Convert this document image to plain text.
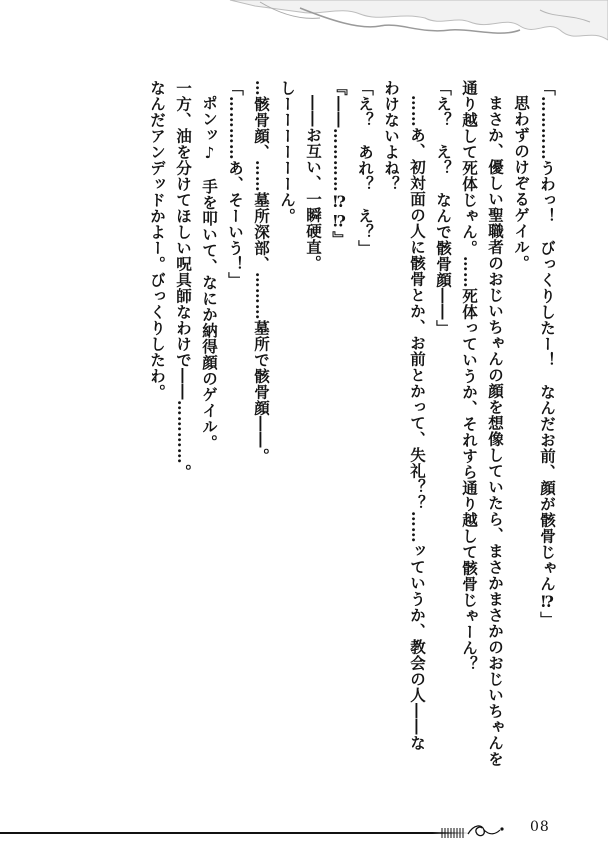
「…………うわっ！　びっくりしたー！　なんだお前、顔が骸骨じゃん⁉」
思わずのけぞるゲイル。
まさか、優しい聖職者のおじいちゃんの顔を想像していたら、まさかまさかのおじいちゃんを
通り越して死体じゃん。……死体っていうか、それすら通り越して骸骨じゃーん？
「え？　え？　なんで骸骨顔――」
……あ、初対面の人に骸骨とか、お前とかって、失礼？？……ッていうか、教会の人――な
わけないよね？
「え？　あれ？　え？」
『――…………⁉⁉』
――お互い、一瞬硬直。
しーーーーーーん。
…骸骨顔、……墓所深部、………墓所で骸骨顔――。
「…………あ、そーいう！」
ポンッ♪　手を叩いて、なにか納得顔のゲイル。
一方、油を分けてほしい呪具師なわけで――…………。
なんだアンデッドかよー。びっくりしたわ。
08
